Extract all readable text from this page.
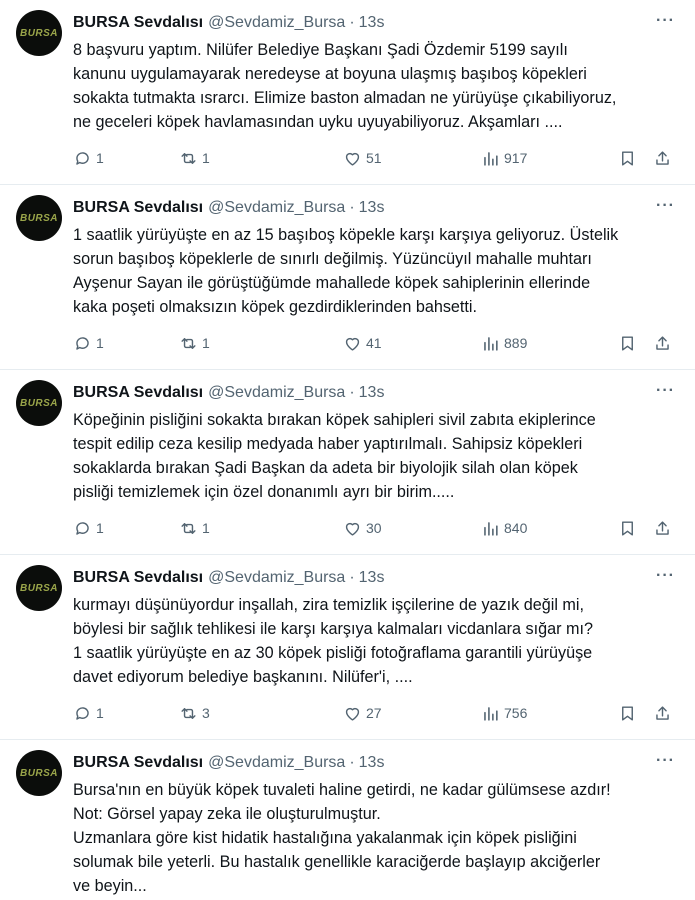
BURSA
···
BURSA Sevdalısı @Sevdamiz_Bursa · 13s
8 başvuru yaptım. Nilüfer Belediye Başkanı Şadi Özdemir 5199 sayılı
kanunu uygulamayarak neredeyse at boyuna ulaşmış başıboş köpekleri
sokakta tutmakta ısrarcı. Elimize baston almadan ne yürüyüşe çıkabiliyoruz,
ne geceleri köpek havlamasından uyku uyuyabiliyoruz. Akşamları ....
1	1	51	917
BURSA
···
BURSA Sevdalısı @Sevdamiz_Bursa · 13s
1 saatlik yürüyüşte en az 15 başıboş köpekle karşı karşıya geliyoruz. Üstelik
sorun başıboş köpeklerle de sınırlı değilmiş. Yüzüncüyıl mahalle muhtarı
Ayşenur Sayan ile görüştüğümde mahallede köpek sahiplerinin ellerinde
kaka poşeti olmaksızın köpek gezdirdiklerinden bahsetti.
1	1	41	889
BURSA
···
BURSA Sevdalısı @Sevdamiz_Bursa · 13s
Köpeğinin pisliğini sokakta bırakan köpek sahipleri sivil zabıta ekiplerince
tespit edilip ceza kesilip medyada haber yaptırılmalı. Sahipsiz köpekleri
sokaklarda bırakan Şadi Başkan da adeta bir biyolojik silah olan köpek
pisliği temizlemek için özel donanımlı ayrı bir birim.....
1	1	30	840
BURSA
···
BURSA Sevdalısı @Sevdamiz_Bursa · 13s
kurmayı düşünüyordur inşallah, zira temizlik işçilerine de yazık değil mi,
böylesi bir sağlık tehlikesi ile karşı karşıya kalmaları vicdanlara sığar mı?
1 saatlik yürüyüşte en az 30 köpek pisliği fotoğraflama garantili yürüyüşe
davet ediyorum belediye başkanını. Nilüfer'i, ....
1	3	27	756
BURSA
···
BURSA Sevdalısı @Sevdamiz_Bursa · 13s
Bursa'nın en büyük köpek tuvaleti haline getirdi, ne kadar gülümsese azdır!
Not: Görsel yapay zeka ile oluşturulmuştur.
Uzmanlara göre kist hidatik hastalığına yakalanmak için köpek pisliğini
solumak bile yeterli. Bu hastalık genellikle karaciğerde başlayıp akciğerler
ve beyin...
